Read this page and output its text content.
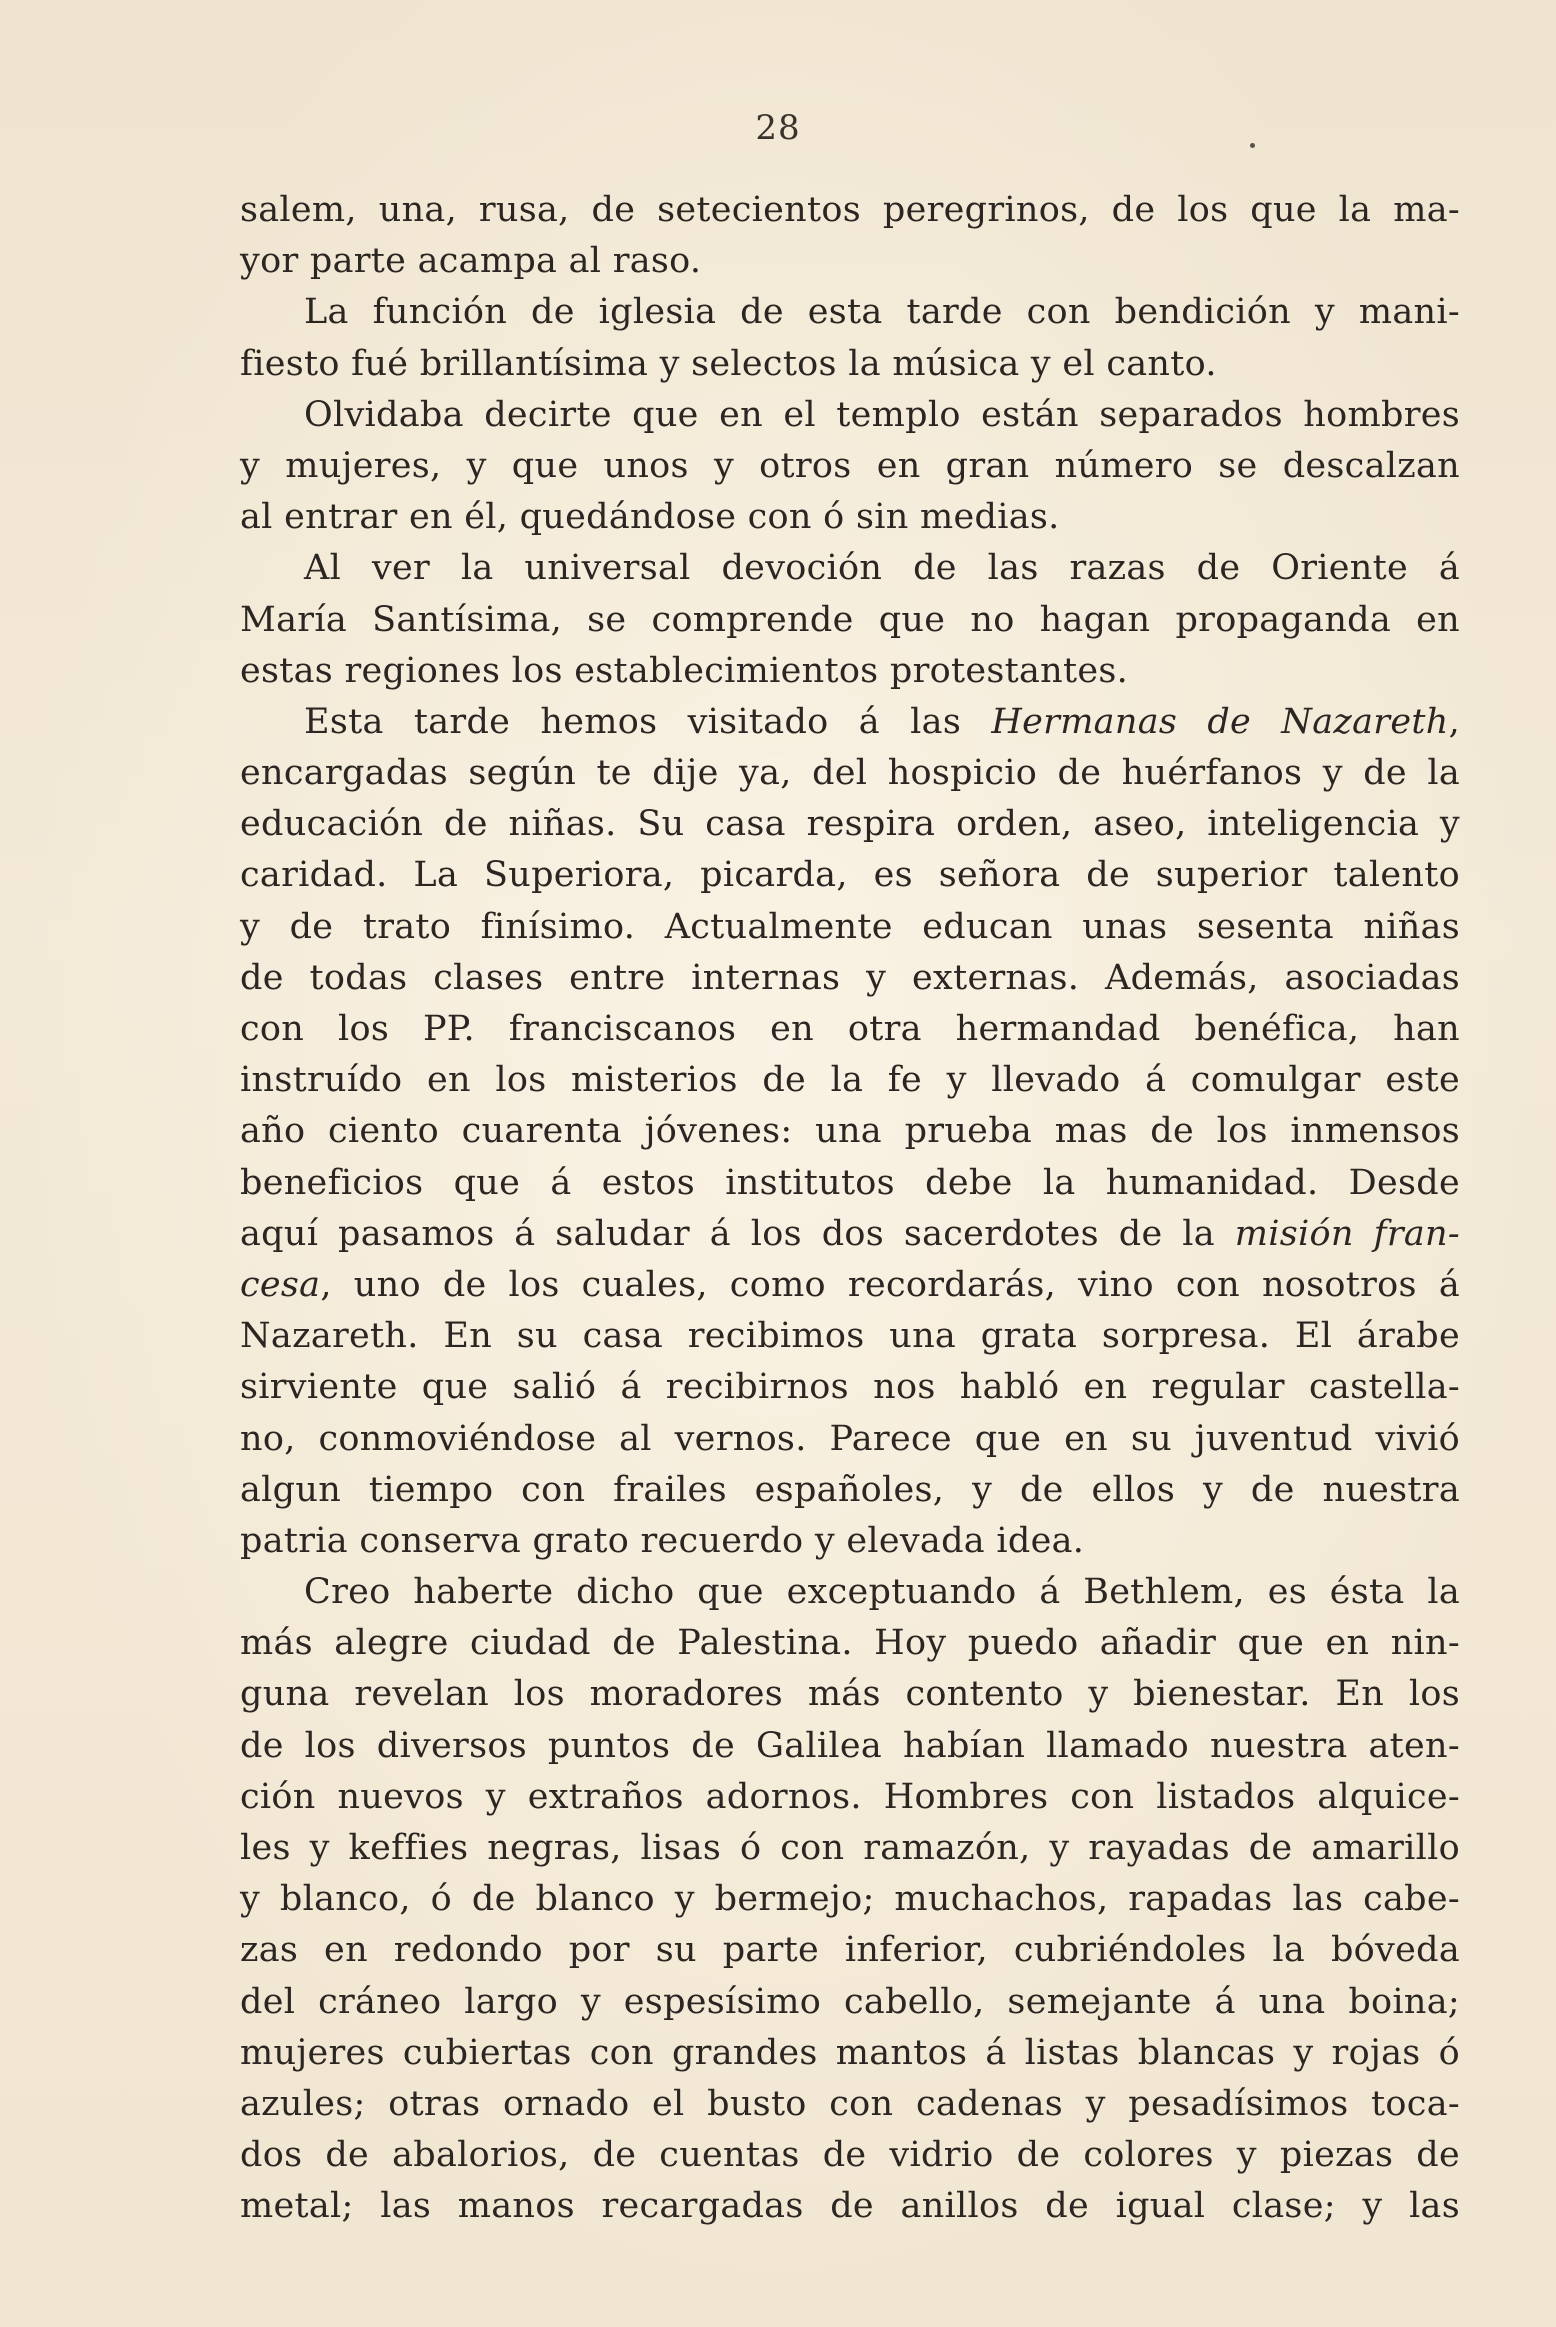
28
salem, una, rusa, de setecientos peregrinos, de los que la ma-
yor parte acampa al raso.
La función de iglesia de esta tarde con bendición y mani-
fiesto fué brillantísima y selectos la música y el canto.
Olvidaba decirte que en el templo están separados hombres
y mujeres, y que unos y otros en gran número se descalzan
al entrar en él, quedándose con ó sin medias.
Al ver la universal devoción de las razas de Oriente á
María Santísima, se comprende que no hagan propaganda en
estas regiones los establecimientos protestantes.
Esta tarde hemos visitado á las Hermanas de Nazareth,
encargadas según te dije ya, del hospicio de huérfanos y de la
educación de niñas. Su casa respira orden, aseo, inteligencia y
caridad. La Superiora, picarda, es señora de superior talento
y de trato finísimo. Actualmente educan unas sesenta niñas
de todas clases entre internas y externas. Además, asociadas
con los PP. franciscanos en otra hermandad benéfica, han
instruído en los misterios de la fe y llevado á comulgar este
año ciento cuarenta jóvenes: una prueba mas de los inmensos
beneficios que á estos institutos debe la humanidad. Desde
aquí pasamos á saludar á los dos sacerdotes de la misión fran-
cesa, uno de los cuales, como recordarás, vino con nosotros á
Nazareth. En su casa recibimos una grata sorpresa. El árabe
sirviente que salió á recibirnos nos habló en regular castella-
no, conmoviéndose al vernos. Parece que en su juventud vivió
algun tiempo con frailes españoles, y de ellos y de nuestra
patria conserva grato recuerdo y elevada idea.
Creo haberte dicho que exceptuando á Bethlem, es ésta la
más alegre ciudad de Palestina. Hoy puedo añadir que en nin-
guna revelan los moradores más contento y bienestar. En los
de los diversos puntos de Galilea habían llamado nuestra aten-
ción nuevos y extraños adornos. Hombres con listados alquice-
les y keffies negras, lisas ó con ramazón, y rayadas de amarillo
y blanco, ó de blanco y bermejo; muchachos, rapadas las cabe-
zas en redondo por su parte inferior, cubriéndoles la bóveda
del cráneo largo y espesísimo cabello, semejante á una boina;
mujeres cubiertas con grandes mantos á listas blancas y rojas ó
azules; otras ornado el busto con cadenas y pesadísimos toca-
dos de abalorios, de cuentas de vidrio de colores y piezas de
metal; las manos recargadas de anillos de igual clase; y las
